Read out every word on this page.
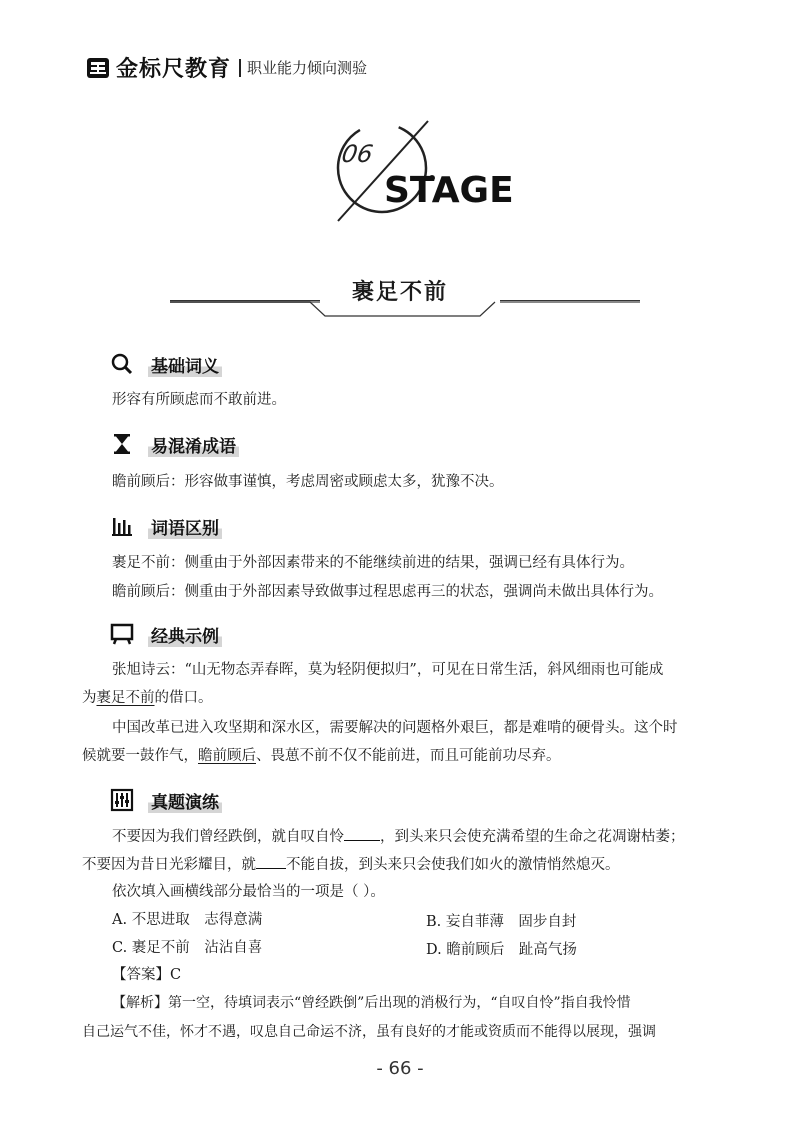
金标尺教育 职业能力倾向测验
06
STAGE
裹足不前
基础词义
形容有所顾虑而不敢前进。
易混淆成语
瞻前顾后：形容做事谨慎，考虑周密或顾虑太多，犹豫不决。
词语区别
裹足不前：侧重由于外部因素带来的不能继续前进的结果，强调已经有具体行为。
瞻前顾后：侧重由于外部因素导致做事过程思虑再三的状态，强调尚未做出具体行为。
经典示例
张旭诗云：“山无物态弄春晖，莫为轻阴便拟归”，可见在日常生活，斜风细雨也可能成
为裹足不前的借口。
中国改革已进入攻坚期和深水区，需要解决的问题格外艰巨，都是难啃的硬骨头。这个时
候就要一鼓作气，瞻前顾后、畏葸不前不仅不能前进，而且可能前功尽弃。
真题演练
不要因为我们曾经跌倒，就自叹自怜 ，到头来只会使充满希望的生命之花凋谢枯萎；
不要因为昔日光彩耀目，就 不能自拔，到头来只会使我们如火的激情悄然熄灭。
依次填入画横线部分最恰当的一项是（ ）。
A. 不思进取　志得意满	B. 妄自菲薄　固步自封
C. 裹足不前　沾沾自喜	D. 瞻前顾后　趾高气扬
【答案】C
【解析】第一空，待填词表示“曾经跌倒”后出现的消极行为，“自叹自怜”指自我怜惜
自己运气不佳，怀才不遇，叹息自己命运不济，虽有良好的才能或资质而不能得以展现，强调
- 66 -
